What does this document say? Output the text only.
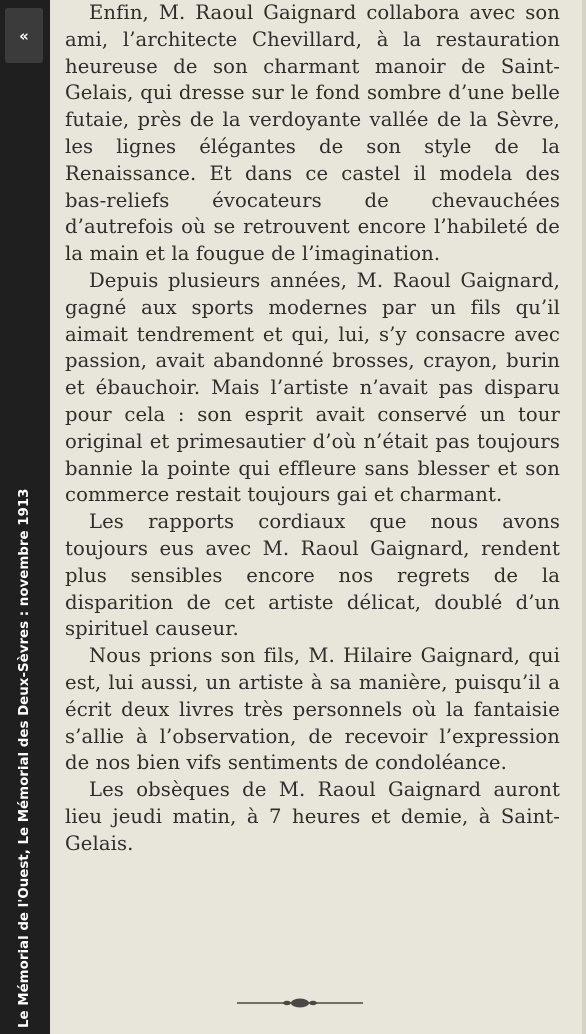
«
Le Mémorial de l'Ouest, Le Mémorial des Deux-Sèvres : novembre 1913

Enfin, M. Raoul Gaignard collabora avec son ami, l’architecte Chevillard, à la restauration heureuse de son charmant manoir de Saint-Gelais, qui dresse sur le fond sombre d’une belle futaie, près de la verdoyante vallée de la Sèvre, les lignes élégantes de son style de la Renaissance. Et dans ce castel il modela des bas-reliefs évocateurs de chevauchées d’autrefois où se retrouvent encore l’habileté de la main et la fougue de l’imagination.

Depuis plusieurs années, M. Raoul Gaignard, gagné aux sports modernes par un fils qu’il aimait tendrement et qui, lui, s’y consacre avec passion, avait abandonné brosses, crayon, burin et ébauchoir. Mais l’artiste n’avait pas disparu pour cela : son esprit avait conservé un tour original et primesautier d’où n’était pas toujours bannie la pointe qui effleure sans blesser et son commerce restait toujours gai et charmant.

Les rapports cordiaux que nous avons toujours eus avec M. Raoul Gaignard, rendent plus sensibles encore nos regrets de la disparition de cet artiste délicat, doublé d’un spirituel causeur.

Nous prions son fils, M. Hilaire Gaignard, qui est, lui aussi, un artiste à sa manière, puisqu’il a écrit deux livres très personnels où la fantaisie s’allie à l’observation, de recevoir l’expression de nos bien vifs sentiments de condoléance.

Les obsèques de M. Raoul Gaignard auront lieu jeudi matin, à 7 heures et demie, à Saint-Gelais.
